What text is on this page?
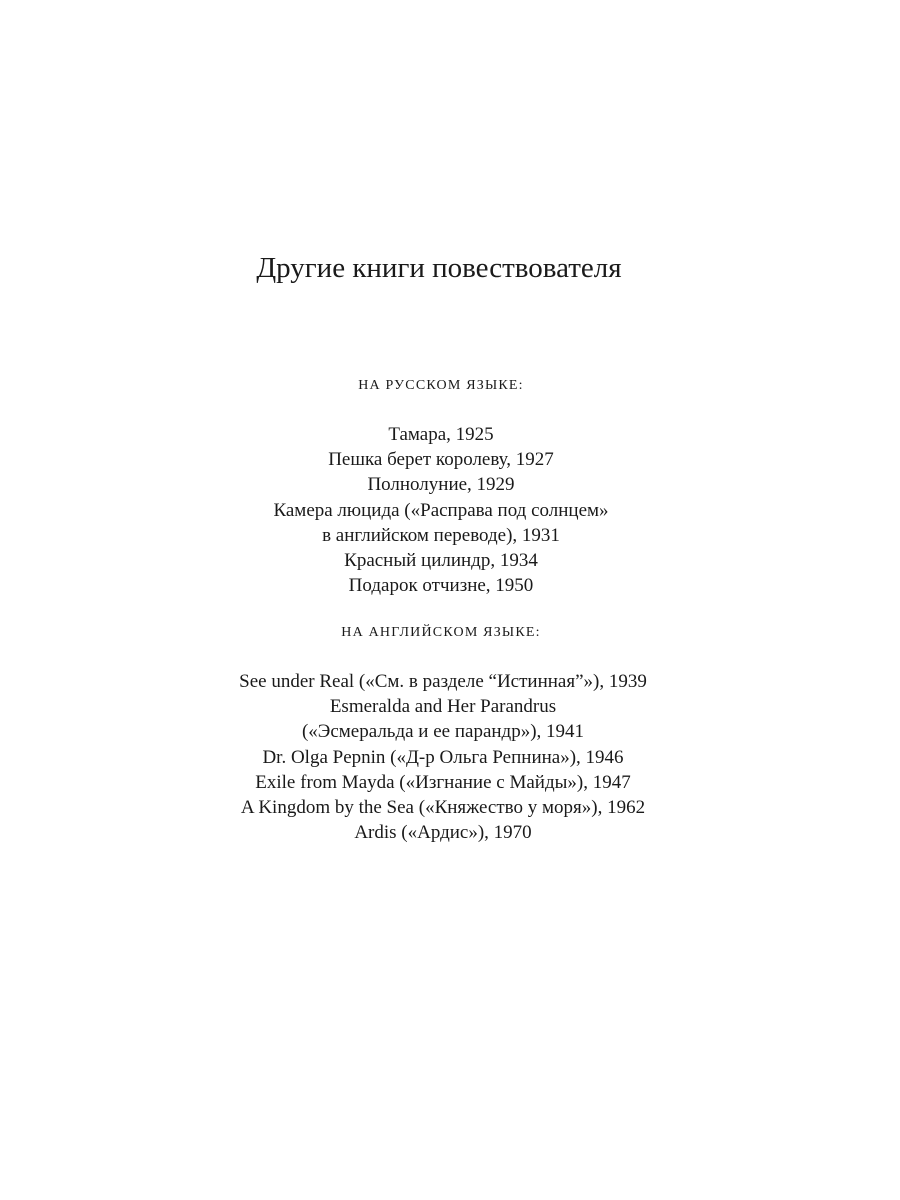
Другие книги повествователя

НА РУССКОМ ЯЗЫКЕ:

Тамара, 1925
Пешка берет королеву, 1927
Полнолуние, 1929
Камера люцида («Расправа под солнцем»
в английском переводе), 1931
Красный цилиндр, 1934
Подарок отчизне, 1950

НА АНГЛИЙСКОМ ЯЗЫКЕ:

See under Real («См. в разделе “Истинная”»), 1939
Esmeralda and Her Parandrus
(«Эсмеральда и ее парандр»), 1941
Dr. Olga Pepnin («Д-р Ольга Репнина»), 1946
Exile from Mayda («Изгнание с Майды»), 1947
A Kingdom by the Sea («Княжество у моря»), 1962
Ardis («Ардис»), 1970
